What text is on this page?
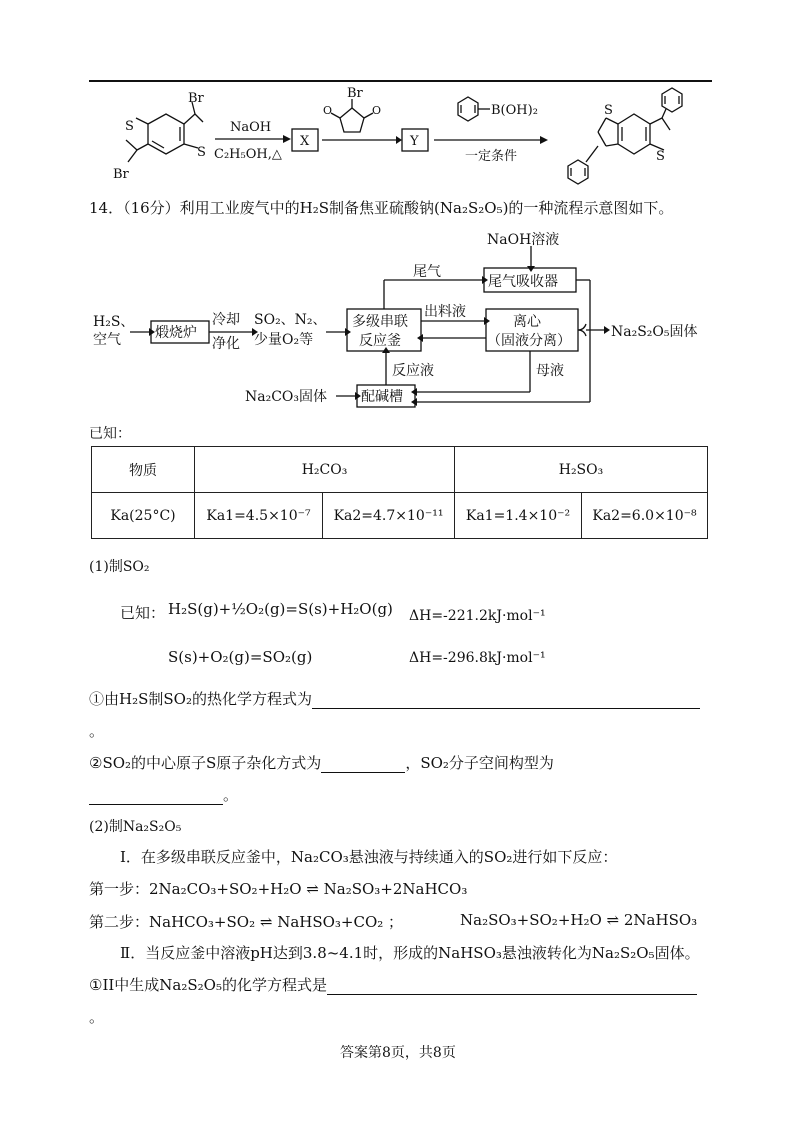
Br
Br
S
S
NaOH
C₂H₅OH,△
X
Br
Y
B(OH)₂
一定条件
S
S
O	O
14．（16分）利用工业废气中的H₂S制备焦亚硫酸钠(Na₂S₂O₅)的一种流程示意图如下。
NaOH溶液
尾气
尾气吸收器
H₂S、
空气 煅烧炉
冷却
净化
SO₂、N₂、
少量O₂等
多级串联
反应釜
出料液
离心
（固液分离）
Na₂S₂O₅固体
反应液	母液
Na₂CO₃固体 配碱槽
已知：
物质	H₂CO₃		H₂SO₃	
Ka(25°C)	Ka1=4.5×10⁻⁷	Ka2=4.7×10⁻¹¹	Ka1=1.4×10⁻²	Ka2=6.0×10⁻⁸
(1)制SO₂
已知： H₂S(g)+½O₂(g)=S(s)+H₂O(g) ΔH=-221.2kJ·mol⁻¹
S(s)+O₂(g)=SO₂(g)	ΔH=-296.8kJ·mol⁻¹
①由H₂S制SO₂的热化学方程式为
。
②SO₂的中心原子S原子杂化方式为	，SO₂分子空间构型为
。
(2)制Na₂S₂O₅
I．在多级串联反应釜中，Na₂CO₃悬浊液与持续通入的SO₂进行如下反应：
第一步：2Na₂CO₃+SO₂+H₂O ⇌ Na₂SO₃+2NaHCO₃
第二步：NaHCO₃+SO₂ ⇌ NaHSO₃+CO₂ ；	Na₂SO₃+SO₂+H₂O ⇌ 2NaHSO₃
Ⅱ．当反应釜中溶液pH达到3.8~4.1时，形成的NaHSO₃悬浊液转化为Na₂S₂O₅固体。
①II中生成Na₂S₂O₅的化学方程式是
。
答案第8页，共8页
